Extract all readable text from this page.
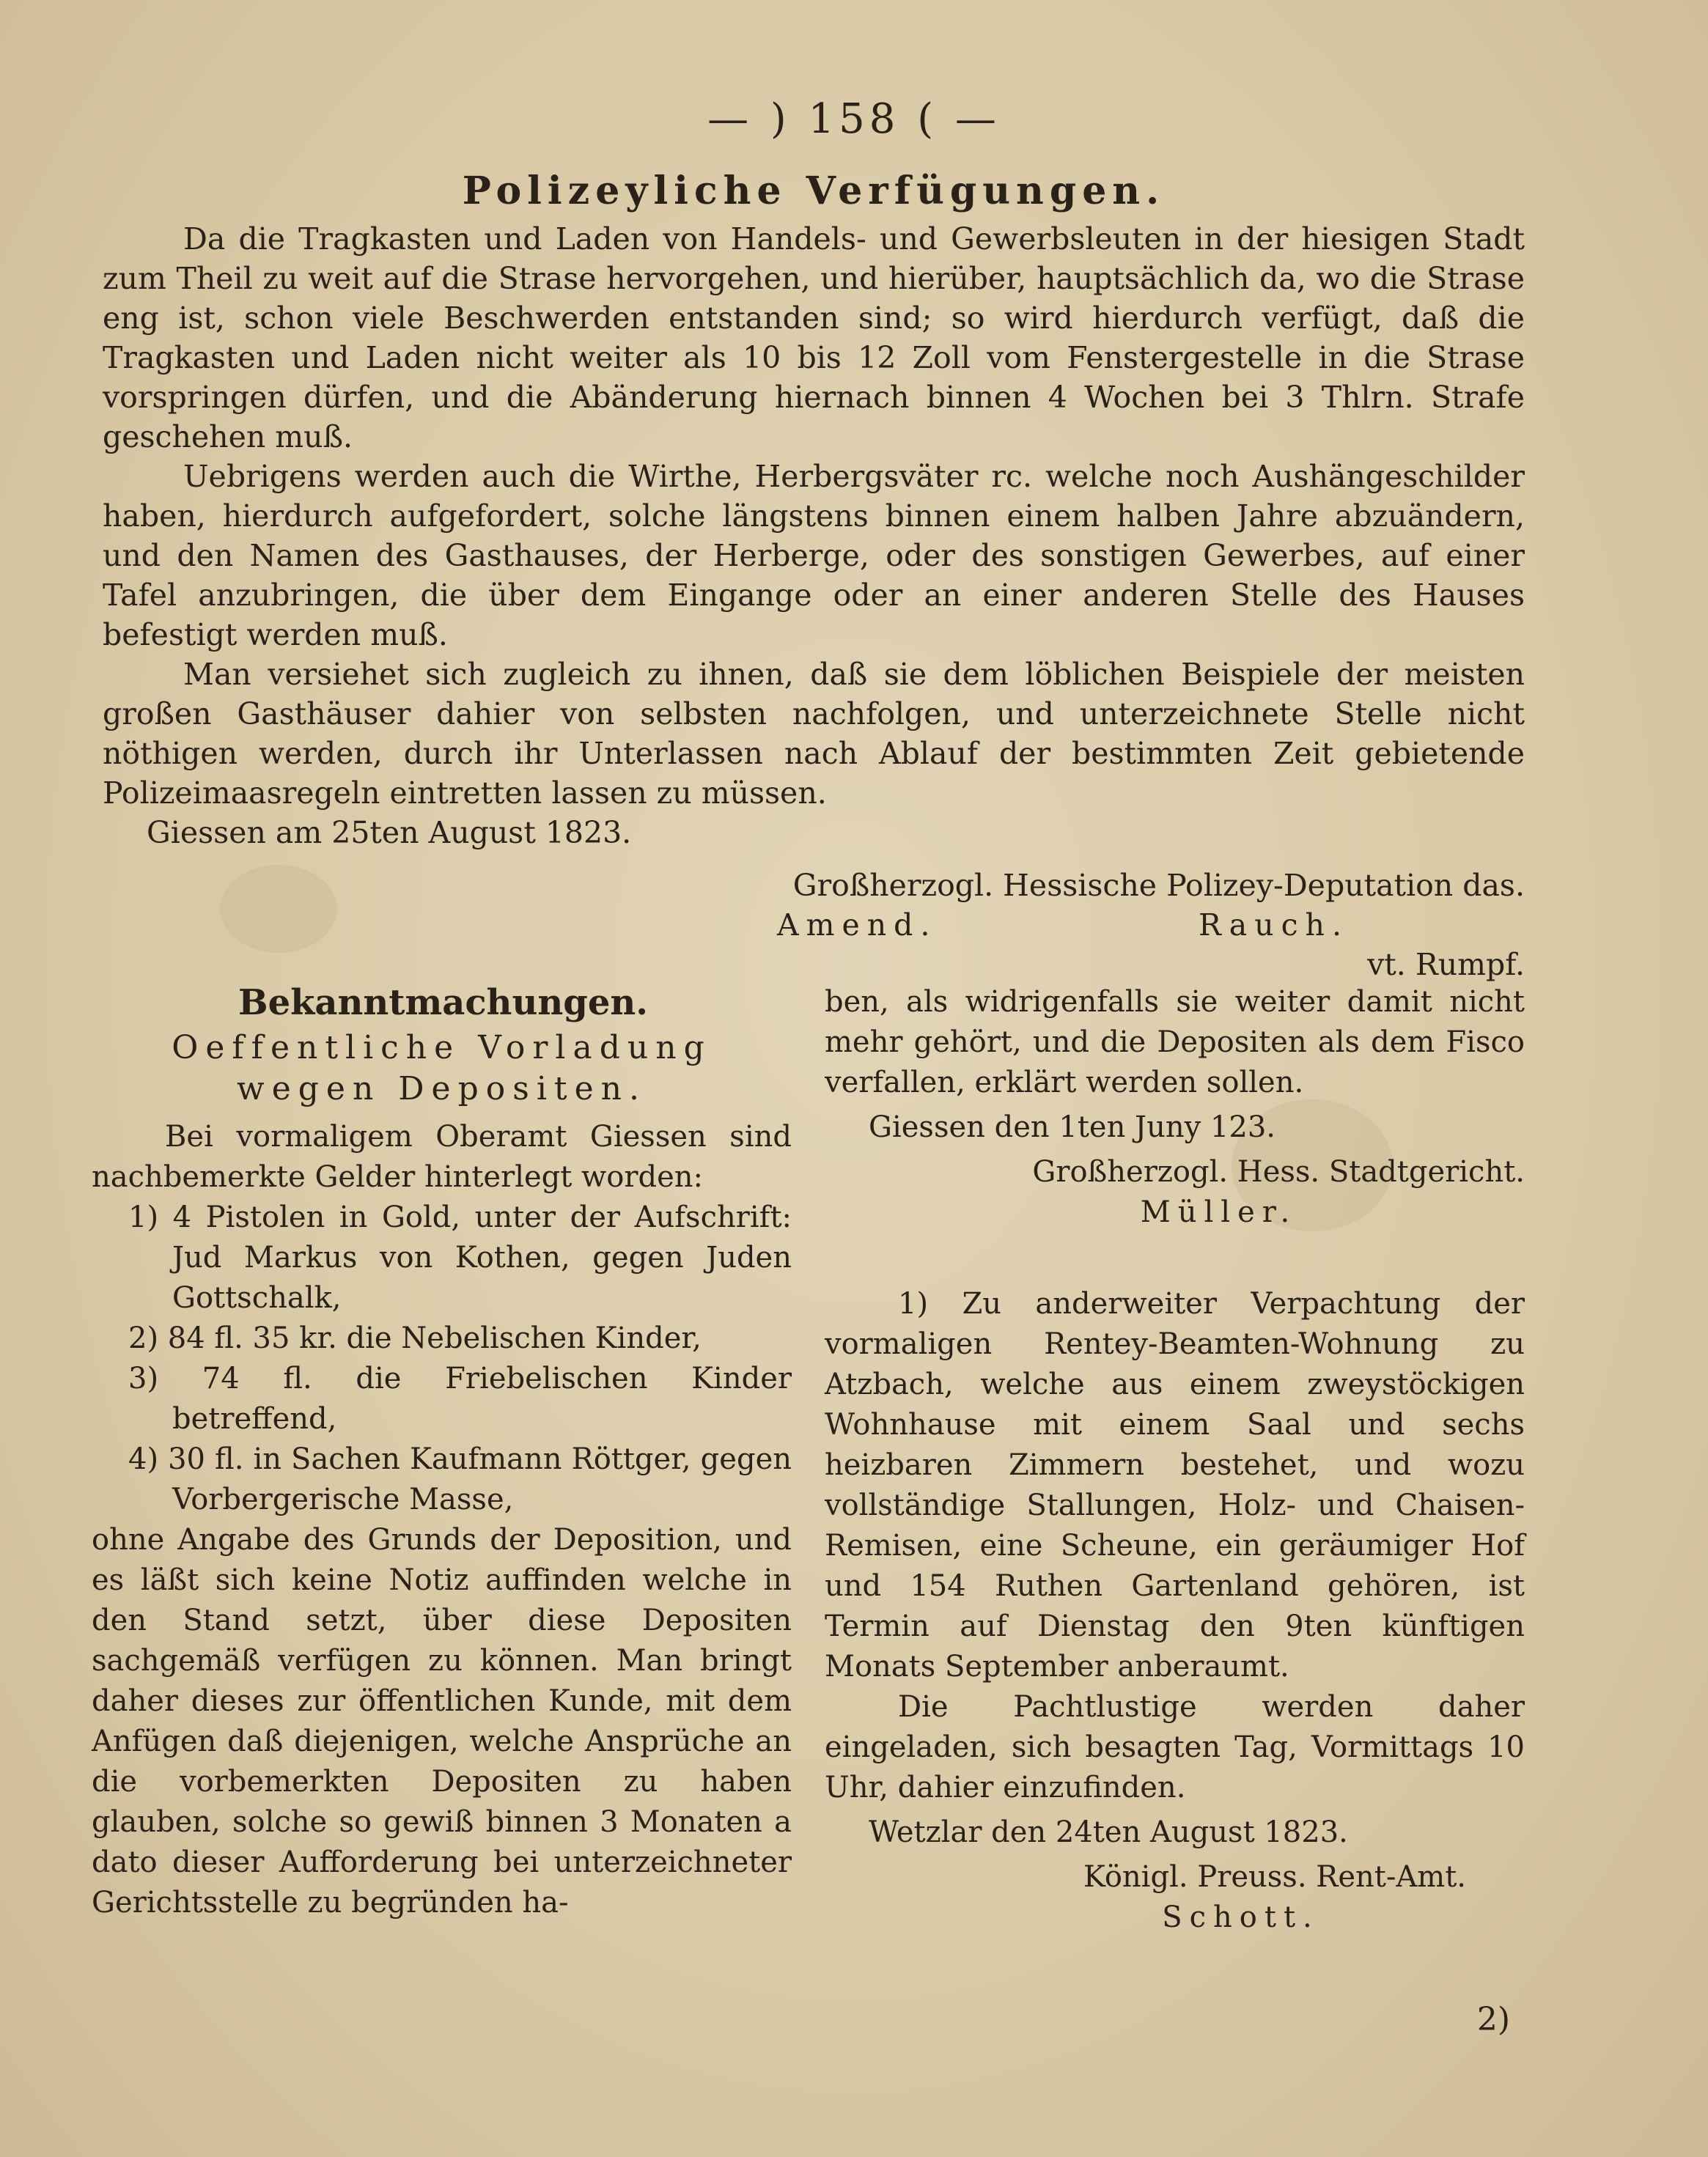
— ) 158 ( —
Polizeyliche Verfügungen.

Da die Tragkasten und Laden von Handels- und Gewerbsleuten in der hiesigen Stadt zum Theil zu weit auf die Strase hervorgehen, und hierüber, hauptsächlich da, wo die Strase eng ist, schon viele Beschwerden entstanden sind; so wird hierdurch verfügt, daß die Tragkasten und Laden nicht weiter als 10 bis 12 Zoll vom Fenstergestelle in die Strase vorspringen dürfen, und die Abänderung hiernach binnen 4 Wochen bei 3 Thlrn. Strafe geschehen muß.

Uebrigens werden auch die Wirthe, Herbergsväter rc. welche noch Aushängeschilder haben, hierdurch aufgefordert, solche längstens binnen einem halben Jahre abzuändern, und den Namen des Gasthauses, der Herberge, oder des sonstigen Gewerbes, auf einer Tafel anzubringen, die über dem Eingange oder an einer anderen Stelle des Hauses befestigt werden muß.

Man versiehet sich zugleich zu ihnen, daß sie dem löblichen Beispiele der meisten großen Gasthäuser dahier von selbsten nachfolgen, und unterzeichnete Stelle nicht nöthigen werden, durch ihr Unterlassen nach Ablauf der bestimmten Zeit gebietende Polizeimaasregeln eintretten lassen zu müssen.

Giessen am 25ten August 1823.

Großherzogl. Hessische Polizey-Deputation das.
Amend.	Rauch.
vt. Rumpf.
Bekanntmachungen.
Oeffentliche Vorladung wegen Depositen.

Bei vormaligem Oberamt Giessen sind nachbemerkte Gelder hinterlegt worden:

1) 4 Pistolen in Gold, unter der Aufschrift: Jud Markus von Kothen, gegen Juden Gottschalk,
2) 84 fl. 35 kr. die Nebelischen Kinder,
3) 74 fl. die Friebelischen Kinder betreffend,
4) 30 fl. in Sachen Kaufmann Röttger, gegen Vorbergerische Masse,

ohne Angabe des Grunds der Deposition, und es läßt sich keine Notiz auffinden welche in den Stand setzt, über diese Depositen sachgemäß verfügen zu können. Man bringt daher dieses zur öffentlichen Kunde, mit dem Anfügen daß diejenigen, welche Ansprüche an die vorbemerkten Depositen zu haben glauben, solche so gewiß binnen 3 Monaten a dato dieser Aufforderung bei unterzeichneter Gerichtsstelle zu begründen ha-

ben, als widrigenfalls sie weiter damit nicht mehr gehört, und die Depositen als dem Fisco verfallen, erklärt werden sollen.

Giessen den 1ten Juny 123.
Großherzogl. Hess. Stadtgericht.
Müller.

1) Zu anderweiter Verpachtung der vormaligen Rentey-Beamten-Wohnung zu Atzbach, welche aus einem zweystöckigen Wohnhause mit einem Saal und sechs heizbaren Zimmern bestehet, und wozu vollständige Stallungen, Holz- und Chaisen-Remisen, eine Scheune, ein geräumiger Hof und 154 Ruthen Gartenland gehören, ist Termin auf Dienstag den 9ten künftigen Monats September anberaumt.

Die Pachtlustige werden daher eingeladen, sich besagten Tag, Vormittags 10 Uhr, dahier einzufinden.

Wetzlar den 24ten August 1823.
Königl. Preuss. Rent-Amt.
Schott.
2)
